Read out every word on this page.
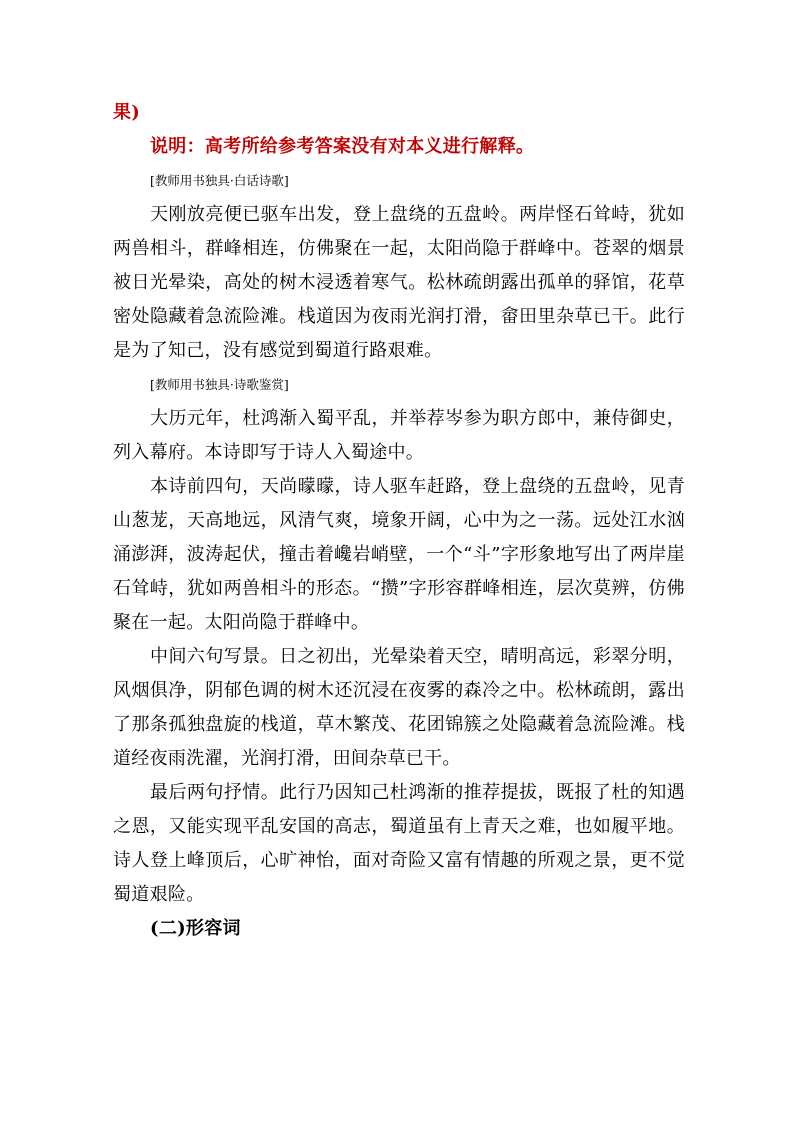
果)

说明：高考所给参考答案没有对本义进行解释。

[教师用书独具·白话诗歌]

天刚放亮便已驱车出发，登上盘绕的五盘岭。两岸怪石耸峙，犹如两兽相斗，群峰相连，仿佛聚在一起，太阳尚隐于群峰中。苍翠的烟景被日光晕染，高处的树木浸透着寒气。松林疏朗露出孤单的驿馆，花草密处隐藏着急流险滩。栈道因为夜雨光润打滑，畲田里杂草已干。此行是为了知己，没有感觉到蜀道行路艰难。

[教师用书独具·诗歌鉴赏]

大历元年，杜鸿渐入蜀平乱，并举荐岑参为职方郎中，兼侍御史，列入幕府。本诗即写于诗人入蜀途中。

本诗前四句，天尚曚曚，诗人驱车赶路，登上盘绕的五盘岭，见青山葱茏，天高地远，风清气爽，境象开阔，心中为之一荡。远处江水汹涌澎湃，波涛起伏，撞击着巉岩峭壁，一个“斗”字形象地写出了两岸崖石耸峙，犹如两兽相斗的形态。“攒”字形容群峰相连，层次莫辨，仿佛聚在一起。太阳尚隐于群峰中。

中间六句写景。日之初出，光晕染着天空，晴明高远，彩翠分明，风烟俱净，阴郁色调的树木还沉浸在夜雾的森冷之中。松林疏朗，露出了那条孤独盘旋的栈道，草木繁茂、花团锦簇之处隐藏着急流险滩。栈道经夜雨洗濯，光润打滑，田间杂草已干。

最后两句抒情。此行乃因知己杜鸿渐的推荐提拔，既报了杜的知遇之恩，又能实现平乱安国的高志，蜀道虽有上青天之难，也如履平地。诗人登上峰顶后，心旷神怡，面对奇险又富有情趣的所观之景，更不觉蜀道艰险。

(二)形容词
